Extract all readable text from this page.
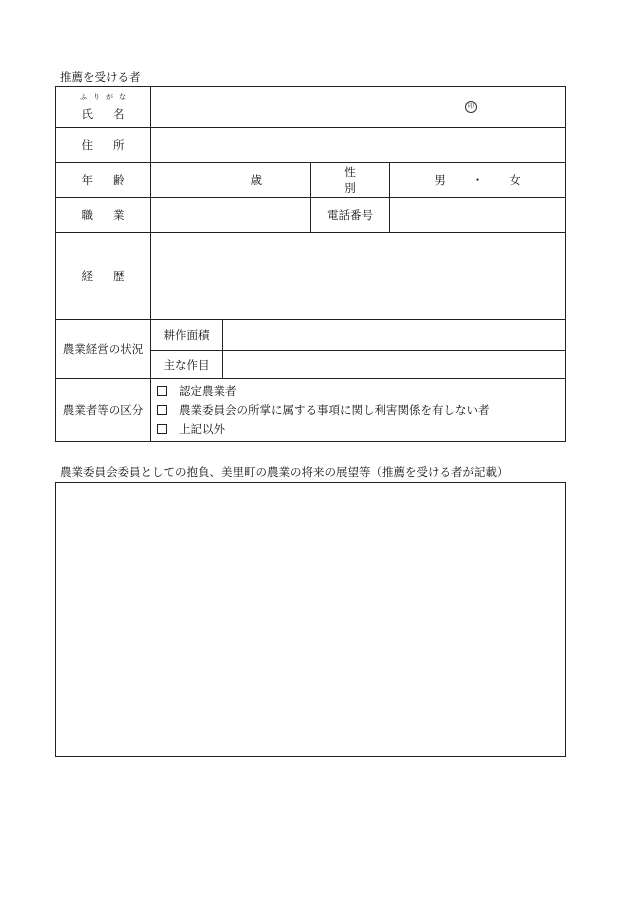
推薦を受ける者
ふりがな
氏名	印			

住所				
年齢	歳		性別	男 ・ 女
職業			電話番号	
経歴				
農業経営の状況	耕作面積			
	主な作目			
農業者等の区分	認定農業者
農業委員会の所掌に属する事項に関し利害関係を有しない者
上記以外			
農業委員会委員としての抱負、美里町の農業の将来の展望等（推薦を受ける者が記載）
